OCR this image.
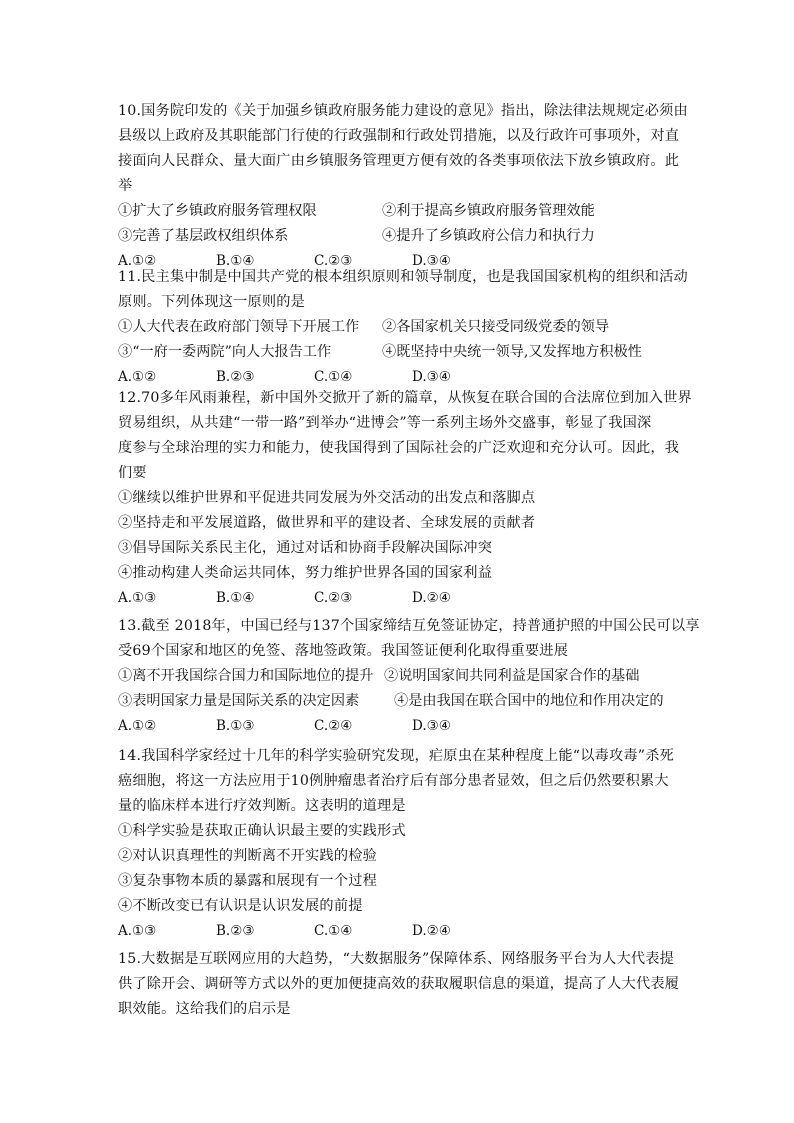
10.国务院印发的《关于加强乡镇政府服务能力建设的意见》指出，除法律法规规定必须由
县级以上政府及其职能部门行使的行政强制和行政处罚措施，以及行政许可事项外，对直
接面向人民群众、量大面广由乡镇服务管理更方便有效的各类事项依法下放乡镇政府。此
举
①扩大了乡镇政府服务管理权限	②利于提高乡镇政府服务管理效能
③完善了基层政权组织体系	④提升了乡镇政府公信力和执行力
A.①②	B.①④	C.②③	D.③④
11.民主集中制是中国共产党的根本组织原则和领导制度，也是我国国家机构的组织和活动
原则。下列体现这一原则的是
①人大代表在政府部门领导下开展工作	②各国家机关只接受同级党委的领导
③“一府一委两院”向人大报告工作	④既坚持中央统一领导,又发挥地方积极性
A.①②	B.②③	C.①④	D.③④
12.70多年风雨兼程，新中国外交掀开了新的篇章，从恢复在联合国的合法席位到加入世界
贸易组织，从共建“一带一路”到举办“进博会”等一系列主场外交盛事，彰显了我国深
度参与全球治理的实力和能力，使我国得到了国际社会的广泛欢迎和充分认可。因此，我
们要
①继续以维护世界和平促进共同发展为外交活动的出发点和落脚点
②坚持走和平发展道路，做世界和平的建设者、全球发展的贡献者
③倡导国际关系民主化，通过对话和协商手段解决国际冲突
④推动构建人类命运共同体，努力维护世界各国的国家利益
A.①③	B.①④	C.②③	D.②④
13.截至 2018年，中国已经与137个国家缔结互免签证协定，持普通护照的中国公民可以享
受69个国家和地区的免签、落地签政策。我国签证便利化取得重要进展
①离不开我国综合国力和国际地位的提升 ②说明国家间共同利益是国家合作的基础
③表明国家力量是国际关系的决定因素	④是由我国在联合国中的地位和作用决定的
A.①②	B.①③	C.②④	D.③④
14.我国科学家经过十几年的科学实验研究发现，疟原虫在某种程度上能“以毒攻毒”杀死
癌细胞，将这一方法应用于10例肿瘤患者治疗后有部分患者显效，但之后仍然要积累大
量的临床样本进行疗效判断。这表明的道理是
①科学实验是获取正确认识最主要的实践形式
②对认识真理性的判断离不开实践的检验
③复杂事物本质的暴露和展现有一个过程
④不断改变已有认识是认识发展的前提
A.①③	B.②③	C.①④	D.②④
15.大数据是互联网应用的大趋势，“大数据服务”保障体系、网络服务平台为人大代表提
供了除开会、调研等方式以外的更加便捷高效的获取履职信息的渠道，提高了人大代表履
职效能。这给我们的启示是
